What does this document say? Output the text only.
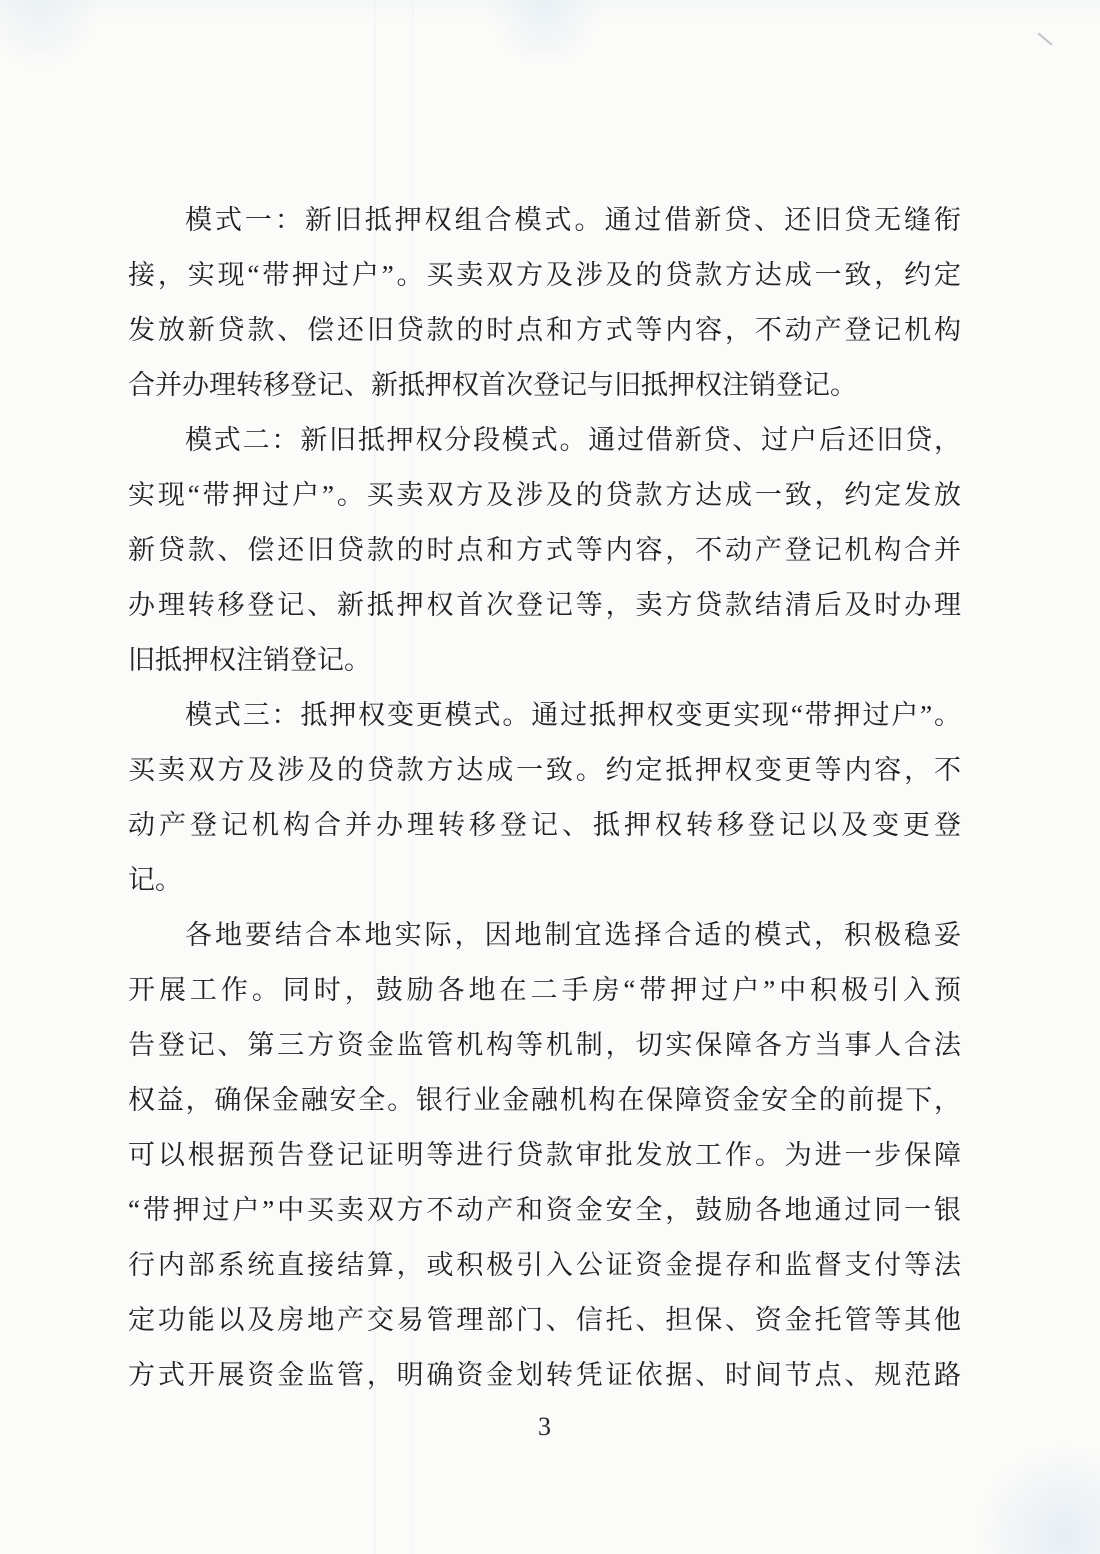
模式一：新旧抵押权组合模式。通过借新贷、还旧贷无缝衔
接，实现“带押过户”。买卖双方及涉及的贷款方达成一致，约定
发放新贷款、偿还旧贷款的时点和方式等内容，不动产登记机构
合并办理转移登记、新抵押权首次登记与旧抵押权注销登记。
模式二：新旧抵押权分段模式。通过借新贷、过户后还旧贷，
实现“带押过户”。买卖双方及涉及的贷款方达成一致，约定发放
新贷款、偿还旧贷款的时点和方式等内容，不动产登记机构合并
办理转移登记、新抵押权首次登记等，卖方贷款结清后及时办理
旧抵押权注销登记。
模式三：抵押权变更模式。通过抵押权变更实现“带押过户”。
买卖双方及涉及的贷款方达成一致。约定抵押权变更等内容，不
动产登记机构合并办理转移登记、抵押权转移登记以及变更登
记。
各地要结合本地实际，因地制宜选择合适的模式，积极稳妥
开展工作。同时，鼓励各地在二手房“带押过户”中积极引入预
告登记、第三方资金监管机构等机制，切实保障各方当事人合法
权益，确保金融安全。银行业金融机构在保障资金安全的前提下，
可以根据预告登记证明等进行贷款审批发放工作。为进一步保障
“带押过户”中买卖双方不动产和资金安全，鼓励各地通过同一银
行内部系统直接结算，或积极引入公证资金提存和监督支付等法
定功能以及房地产交易管理部门、信托、担保、资金托管等其他
方式开展资金监管，明确资金划转凭证依据、时间节点、规范路
3
